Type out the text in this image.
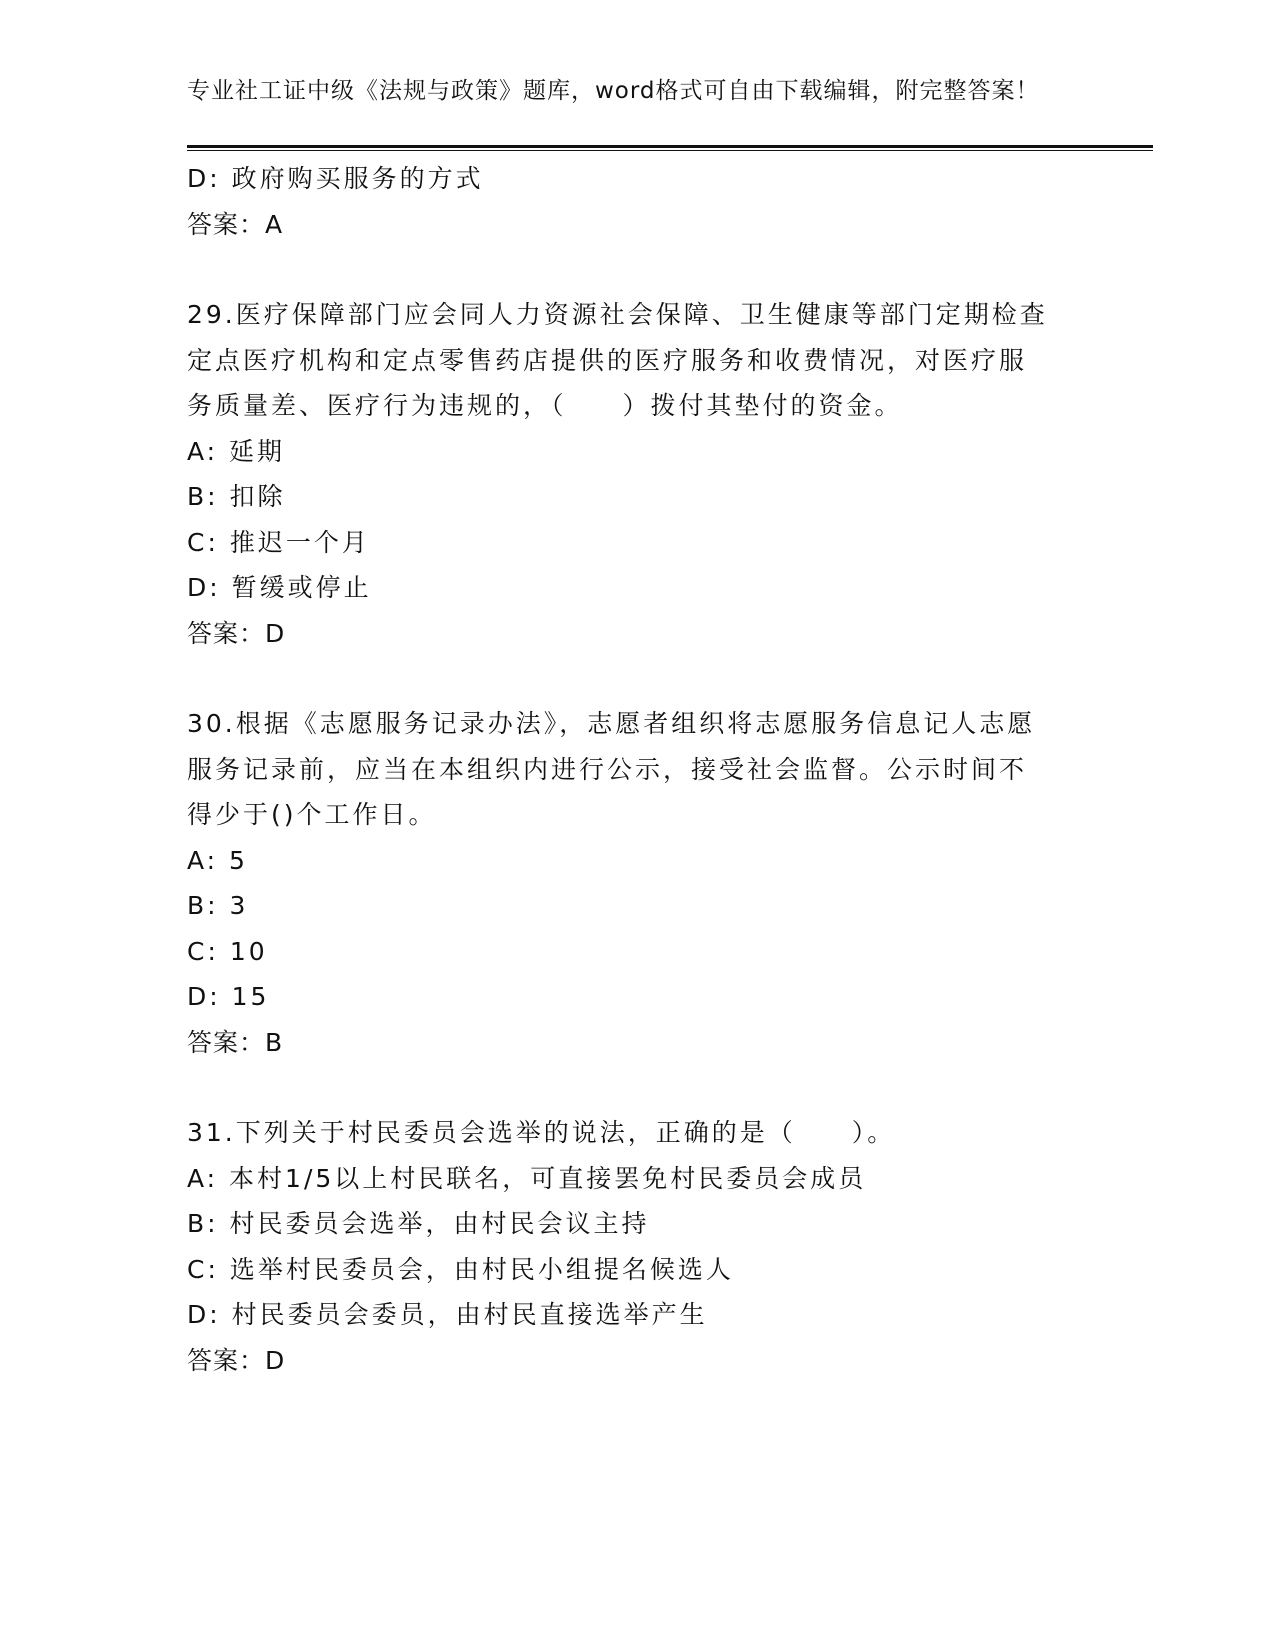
专业社工证中级《法规与政策》题库，word格式可自由下载编辑，附完整答案！
D: 政府购买服务的方式
答案：A
29.医疗保障部门应会同人力资源社会保障、卫生健康等部门定期检查
定点医疗机构和定点零售药店提供的医疗服务和收费情况，对医疗服
务质量差、医疗行为违规的，（　　）拨付其垫付的资金。
A: 延期
B: 扣除
C: 推迟一个月
D: 暂缓或停止
答案：D
30.根据《志愿服务记录办法》，志愿者组织将志愿服务信息记人志愿
服务记录前，应当在本组织内进行公示，接受社会监督。公示时间不
得少于()个工作日。
A: 5
B: 3
C: 10
D: 15
答案：B
31.下列关于村民委员会选举的说法，正确的是（　　）。
A: 本村1/5以上村民联名，可直接罢免村民委员会成员
B: 村民委员会选举，由村民会议主持
C: 选举村民委员会，由村民小组提名候选人
D: 村民委员会委员，由村民直接选举产生
答案：D
